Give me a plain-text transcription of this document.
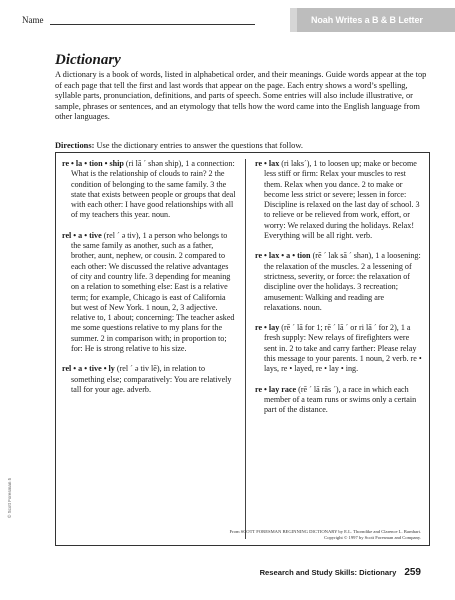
Name	Noah Writes a B & B Letter
Dictionary

A dictionary is a book of words, listed in alphabetical order, and their meanings. Guide words appear at the top of each page that tell the first and last words that appear on the page. Each entry shows a word’s spelling, syllable parts, pronunciation, definitions, and parts of speech. Some entries will also include illustrative, or sample, phrases or sentences, and an etymology that tells how the word came into the English language from other languages.

Directions: Use the dictionary entries to answer the questions that follow.

re • la • tion • ship (ri lā ´ shən ship), 1 a connection: What is the relationship of clouds to rain? 2 the condition of belonging to the same family. 3 the state that exists between people or groups that deal with each other: I have good relationships with all of my teachers this year. noun.

rel • a • tive (rel ´ ə tiv), 1 a person who belongs to the same family as another, such as a father, brother, aunt, nephew, or cousin. 2 compared to each other: We discussed the relative advantages of city and country life. 3 depending for meaning on a relation to something else: East is a relative term; for example, Chicago is east of California but west of New York. 1 noun, 2, 3 adjective. relative to, 1 about; concerning: The teacher asked me some questions relative to my plans for the summer. 2 in comparison with; in proportion to; for: He is strong relative to his size.

rel • a • tive • ly (rel ´ ə tiv lē), in relation to something else; comparatively: You are relatively tall for your age. adverb.

re • lax (ri laks´), 1 to loosen up; make or become less stiff or firm: Relax your muscles to rest them. Relax when you dance. 2 to make or become less strict or severe; lessen in force: Discipline is relaxed on the last day of school. 3 to relieve or be relieved from work, effort, or worry: We relaxed during the holidays. Relax! Everything will be all right. verb.

re • lax • a • tion (rē ´ lak sā ´ shən), 1 a loosening: the relaxation of the muscles. 2 a lessening of strictness, severity, or force: the relaxation of discipline over the holidays. 3 recreation; amusement: Walking and reading are relaxations. noun.

re • lay (rē ´ lā for 1; rē ´ lā ´ or ri lā ´ for 2), 1 a fresh supply: New relays of firefighters were sent in. 2 to take and carry farther: Please relay this message to your parents. 1 noun, 2 verb. re • lays, re • layed, re • lay • ing.

re • lay race (rē ´ lā rās ´), a race in which each member of a team runs or swims only a certain part of the distance.

From SCOTT FORESMAN BEGINNING DICTIONARY by E.L. Thorndike and Clarence L. Barnhart.
Copyright © 1997 by Scott Foresman and Company.
© Scott Foresman 5
Research and Study Skills: Dictionary 259
